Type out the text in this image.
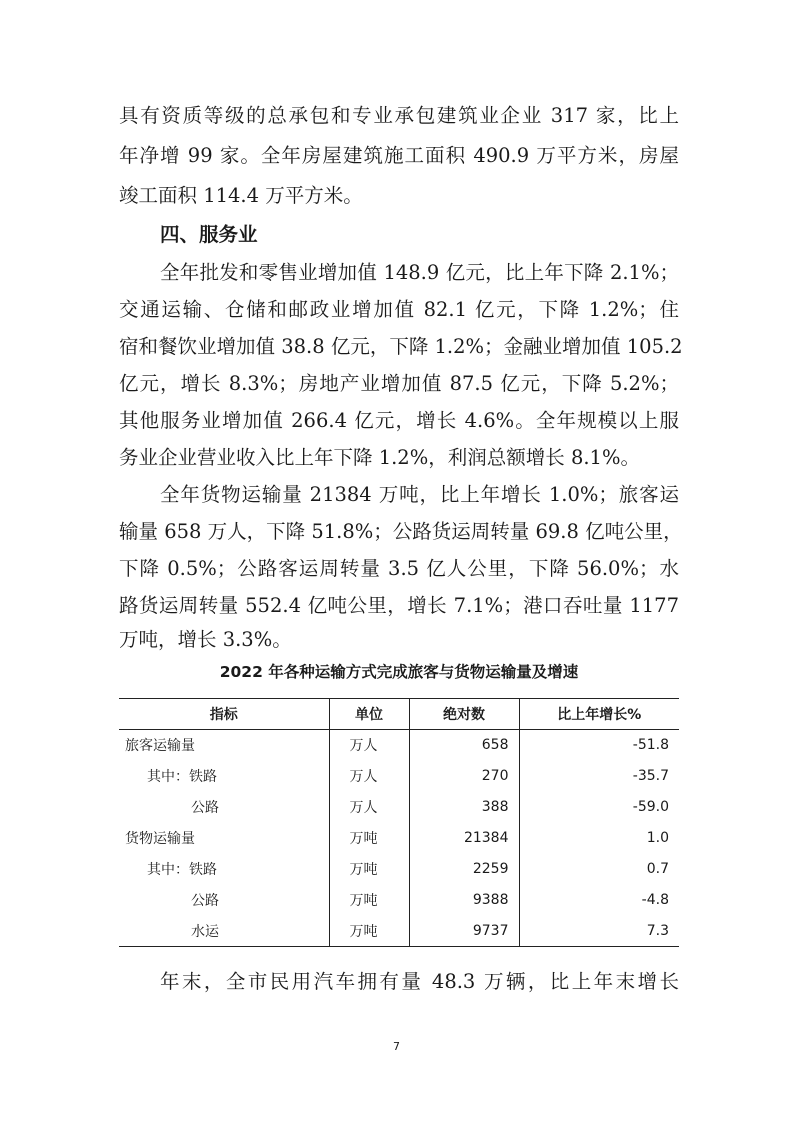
具有资质等级的总承包和专业承包建筑业企业 317 家，比上
年净增 99 家。全年房屋建筑施工面积 490.9 万平方米，房屋
竣工面积 114.4 万平方米。
四、服务业
全年批发和零售业增加值 148.9 亿元，比上年下降 2.1%；
交通运输、仓储和邮政业增加值 82.1 亿元，下降 1.2%；住
宿和餐饮业增加值 38.8 亿元，下降 1.2%；金融业增加值 105.2
亿元，增长 8.3%；房地产业增加值 87.5 亿元，下降 5.2%；
其他服务业增加值 266.4 亿元，增长 4.6%。全年规模以上服
务业企业营业收入比上年下降 1.2%，利润总额增长 8.1%。
全年货物运输量 21384 万吨，比上年增长 1.0%；旅客运
输量 658 万人，下降 51.8%；公路货运周转量 69.8 亿吨公里，
下降 0.5%；公路客运周转量 3.5 亿人公里，下降 56.0%；水
路货运周转量 552.4 亿吨公里，增长 7.1%；港口吞吐量 1177
万吨，增长 3.3%。
2022 年各种运输方式完成旅客与货物运输量及增速
指标	单位	绝对数	比上年增长%
旅客运输量	万人	658	-51.8
其中：铁路	万人	270	-35.7
公路	万人	388	-59.0
货物运输量	万吨	21384	1.0
其中：铁路	万吨	2259	0.7
公路	万吨	9388	-4.8
水运	万吨	9737	7.3
年末，全市民用汽车拥有量 48.3 万辆，比上年末增长
7
